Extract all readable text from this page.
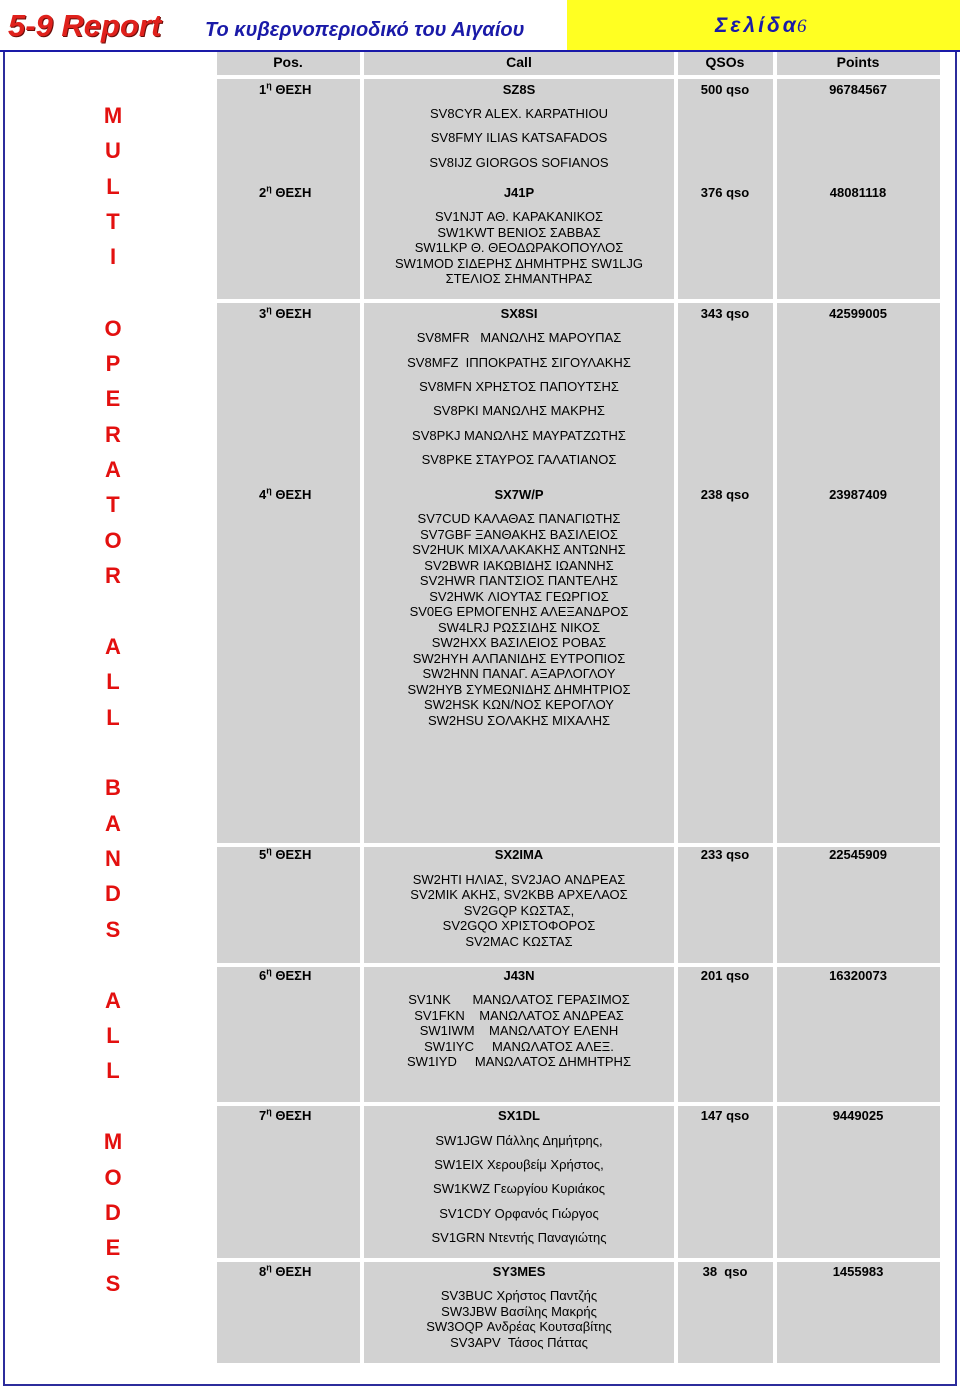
5-9 Report Το κυβερνοπεριοδικό του Αιγαίου	Σελίδα
6
Pos.	Call	QSOs	Points
M
U
L
T
I
O
P
E
R
A
T
O
R
A
L
L
B
A
N
D
S
A
L
L
M
O
D
E
S
$1^\eta$ ΘΕΣΗ	SZ8S	500 qso	96784567
SV8CYR ALEX. KARPATHIOU
SV8FMY ILIAS KATSAFADOS
SV8IJZ GIORGOS SOFIANOS
$2^\eta$ ΘΕΣΗ	J41P	376 qso	48081118
SV1NJT ΑΘ. ΚΑΡΑΚΑΝΙΚΟΣ
SW1KWT ΒΕΝΙΟΣ ΣΑΒΒΑΣ
SW1LKP Θ. ΘΕΟΔΩΡΑΚΟΠΟΥΛΟΣ
SW1MOD ΣΙΔΕΡΗΣ ΔΗΜΗΤΡΗΣ SW1LJG
ΣΤΕΛΙΟΣ ΣΗΜΑΝΤΗΡΑΣ
$3^\eta$ ΘΕΣΗ	SX8SI	343 qso	42599005
SV8MFR   ΜΑΝΩΛΗΣ ΜΑΡΟΥΠΑΣ
SV8MFZ  ΙΠΠΟΚΡΑΤΗΣ ΣΙΓΟΥΛΑΚΗΣ
SV8MFN ΧΡΗΣΤΟΣ ΠΑΠΟΥΤΣΗΣ
SV8PKI ΜΑΝΩΛΗΣ ΜΑΚΡΗΣ
SV8PKJ ΜΑΝΩΛΗΣ ΜΑΥΡΑΤΖΩΤΗΣ
SV8PKE ΣΤΑΥΡΟΣ ΓΑΛΑΤΙΑΝΟΣ
$4^\eta$ ΘΕΣΗ	SX7W/P	238 qso	23987409
SV7CUD ΚΑΛΑΘΑΣ ΠΑΝΑΓΙΩΤΗΣ
SV7GBF ΞΑΝΘΑΚΗΣ ΒΑΣΙΛΕΙΟΣ
SV2HUK ΜΙΧΑΛΑΚΑΚΗΣ ΑΝΤΩΝΗΣ
SV2BWR ΙΑΚΩΒΙΔΗΣ ΙΩΑΝΝΗΣ
SV2HWR ΠΑΝΤΣΙΟΣ ΠΑΝΤΕΛΗΣ
SV2HWK ΛΙΟΥΤΑΣ ΓΕΩΡΓΙΟΣ
SV0EG ΕΡΜΟΓΕΝΗΣ ΑΛΕΞΑΝΔΡΟΣ
SW4LRJ ΡΩΣΣΙΔΗΣ ΝΙΚΟΣ
SW2HXX ΒΑΣΙΛΕΙΟΣ ΡΟΒΑΣ
SW2HYH ΑΛΠΑΝΙΔΗΣ ΕΥΤΡΟΠΙΟΣ
SW2HNN ΠΑΝΑΓ. ΑΞΑΡΛΟΓΛΟΥ
SW2HYB ΣΥΜΕΩΝΙΔΗΣ ΔΗΜΗΤΡΙΟΣ
SW2HSK ΚΩΝ/ΝΟΣ ΚΕΡΟΓΛΟΥ
SW2HSU ΣΟΛΑΚΗΣ ΜΙΧΑΛΗΣ
$5^\eta$ ΘΕΣΗ	SX2IMA	233 qso	22545909
SW2HTI ΗΛΙΑΣ, SV2JAO ΑΝΔΡΕΑΣ
SV2MIK ΑΚΗΣ, SV2KBB ΑΡΧΕΛΑΟΣ
SV2GQP ΚΩΣΤΑΣ,
SV2GQO ΧΡΙΣΤΟΦΟΡΟΣ
SV2MAC ΚΩΣΤΑΣ
$6^\eta$ ΘΕΣΗ	J43N	201 qso	16320073
SV1NK      ΜΑΝΩΛΑΤΟΣ ΓΕΡΑΣΙΜΟΣ
SV1FKN    ΜΑΝΩΛΑΤΟΣ ΑΝΔΡΕΑΣ
SW1IWM    ΜΑΝΩΛΑΤΟΥ ΕΛΕΝΗ
SW1IYC     ΜΑΝΩΛΑΤΟΣ ΑΛΕΞ.
SW1IYD     ΜΑΝΩΛΑΤΟΣ ΔΗΜΗΤΡΗΣ
$7^\eta$ ΘΕΣΗ	SX1DL	147 qso	9449025
SW1JGW Πάλλης Δημήτρης,
SW1EIX Χερουβείμ Χρήστος,
SW1KWZ Γεωργίου Κυριάκος
SV1CDY Ορφανός Γιώργος
SV1GRN Ντεντής Παναγιώτης
$8^\eta$ ΘΕΣΗ	SY3MES	38  qso	1455983
SV3BUC Χρήστος Παντζής
SW3JBW Βασίλης Μακρής
SW3OQP Ανδρέας Κουτσαβίτης
SV3APV  Τάσος Πάττας
